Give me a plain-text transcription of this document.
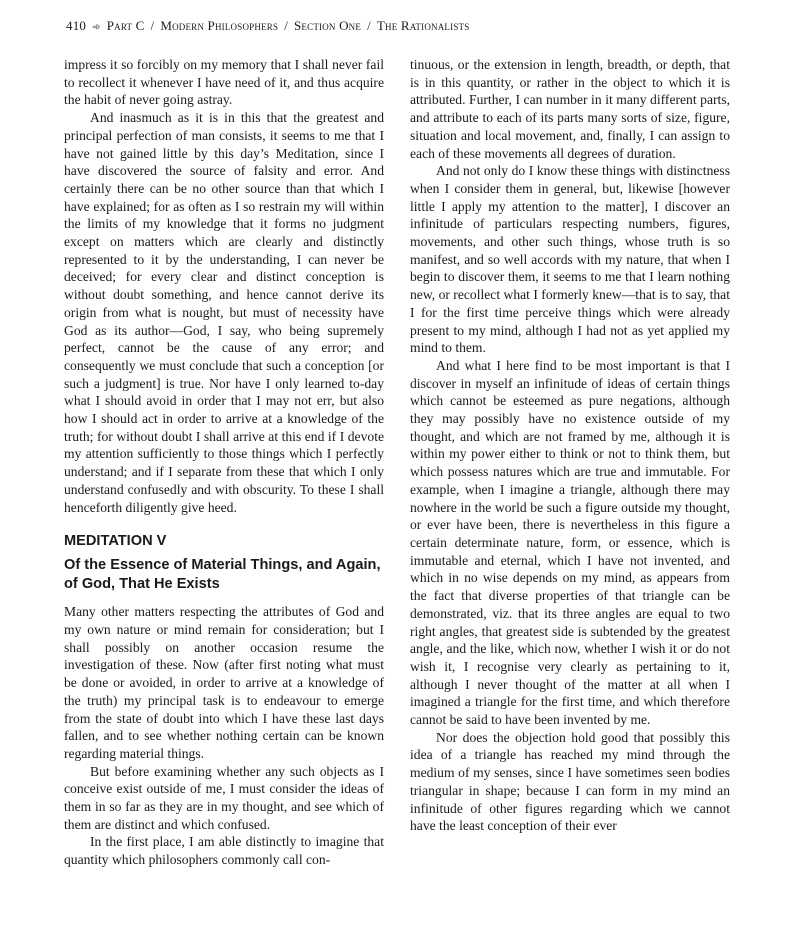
410 ➾ Part C / Modern Philosophers / Section One / The Rationalists

impress it so forcibly on my memory that I shall never fail to recollect it whenever I have need of it, and thus acquire the habit of never going astray.

And inasmuch as it is in this that the greatest and principal perfection of man consists, it seems to me that I have not gained little by this day’s Meditation, since I have discovered the source of falsity and error. And certainly there can be no other source than that which I have explained; for as often as I so restrain my will within the limits of my knowledge that it forms no judgment except on matters which are clearly and distinctly represented to it by the understanding, I can never be deceived; for every clear and distinct conception is without doubt something, and hence cannot derive its origin from what is nought, but must of necessity have God as its author—God, I say, who being supremely perfect, cannot be the cause of any error; and consequently we must conclude that such a conception [or such a judgment] is true. Nor have I only learned to-day what I should avoid in order that I may not err, but also how I should act in order to arrive at a knowledge of the truth; for without doubt I shall arrive at this end if I devote my attention sufficiently to those things which I perfectly understand; and if I separate from these that which I only understand confusedly and with obscurity. To these I shall henceforth diligently give heed.

MEDITATION V

Of the Essence of Material Things, and Again, of God, That He Exists

Many other matters respecting the attributes of God and my own nature or mind remain for consideration; but I shall possibly on another occasion resume the investigation of these. Now (after first noting what must be done or avoided, in order to arrive at a knowledge of the truth) my principal task is to endeavour to emerge from the state of doubt into which I have these last days fallen, and to see whether nothing certain can be known regarding material things.

But before examining whether any such objects as I conceive exist outside of me, I must consider the ideas of them in so far as they are in my thought, and see which of them are distinct and which confused.

In the first place, I am able distinctly to imagine that quantity which philosophers commonly call con-

tinuous, or the extension in length, breadth, or depth, that is in this quantity, or rather in the object to which it is attributed. Further, I can number in it many different parts, and attribute to each of its parts many sorts of size, figure, situation and local movement, and, finally, I can assign to each of these movements all degrees of duration.

And not only do I know these things with distinctness when I consider them in general, but, likewise [however little I apply my attention to the matter], I discover an infinitude of particulars respecting numbers, figures, movements, and other such things, whose truth is so manifest, and so well accords with my nature, that when I begin to discover them, it seems to me that I learn nothing new, or recollect what I formerly knew—that is to say, that I for the first time perceive things which were already present to my mind, although I had not as yet applied my mind to them.

And what I here find to be most important is that I discover in myself an infinitude of ideas of certain things which cannot be esteemed as pure negations, although they may possibly have no existence outside of my thought, and which are not framed by me, although it is within my power either to think or not to think them, but which possess natures which are true and immutable. For example, when I imagine a triangle, although there may nowhere in the world be such a figure outside my thought, or ever have been, there is nevertheless in this figure a certain determinate nature, form, or essence, which is immutable and eternal, which I have not invented, and which in no wise depends on my mind, as appears from the fact that diverse properties of that triangle can be demonstrated, viz. that its three angles are equal to two right angles, that greatest side is subtended by the greatest angle, and the like, which now, whether I wish it or do not wish it, I recognise very clearly as pertaining to it, although I never thought of the matter at all when I imagined a triangle for the first time, and which therefore cannot be said to have been invented by me.

Nor does the objection hold good that possibly this idea of a triangle has reached my mind through the medium of my senses, since I have sometimes seen bodies triangular in shape; because I can form in my mind an infinitude of other figures regarding which we cannot have the least conception of their ever
